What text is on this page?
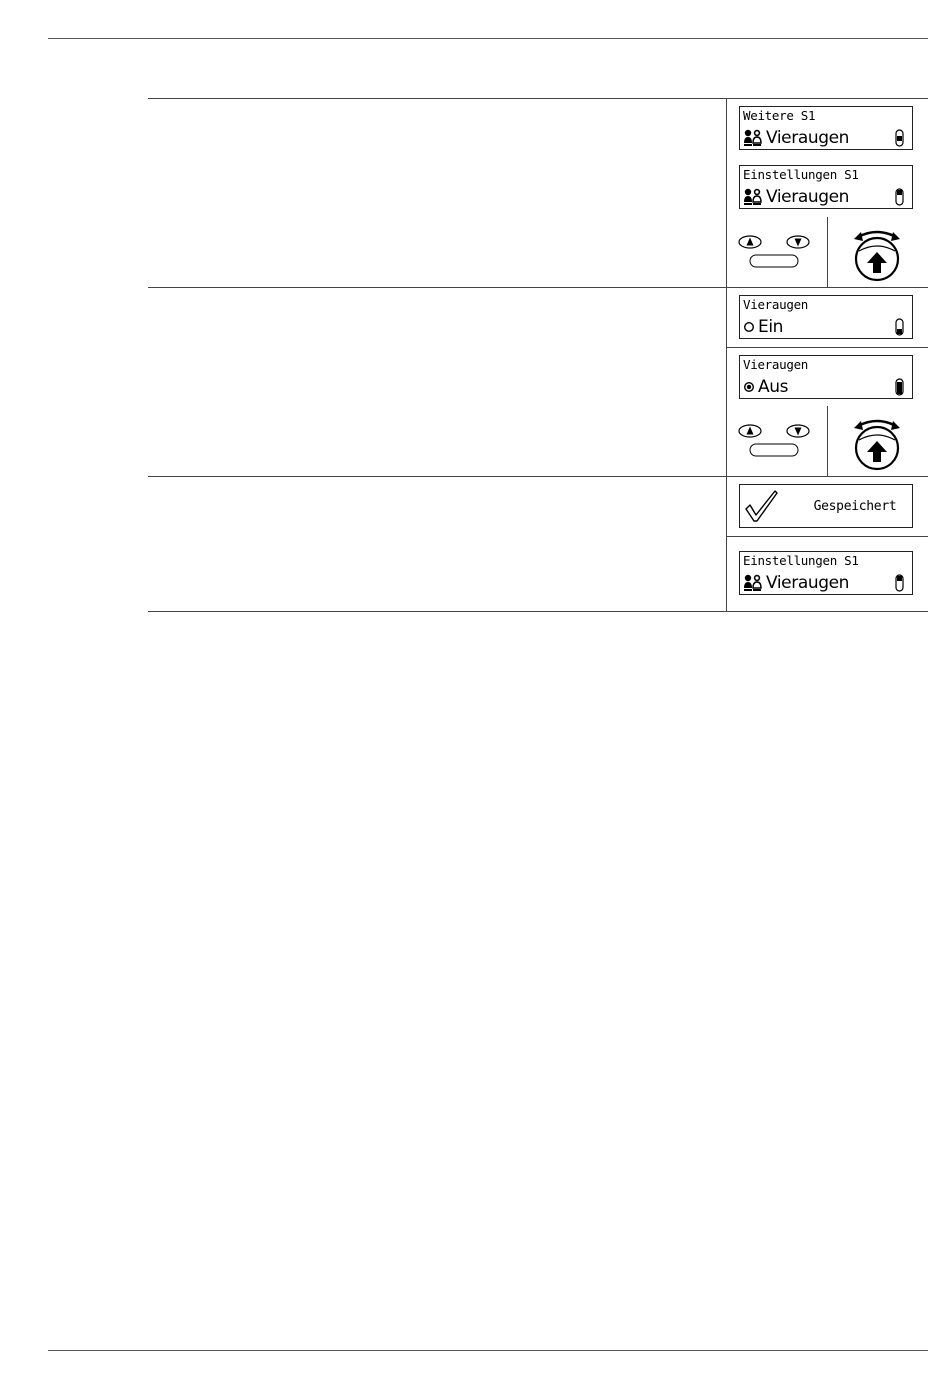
Weitere S1
Vieraugen
Einstellungen S1
Vieraugen
Vieraugen
Ein
Vieraugen
Aus
Gespeichert
Einstellungen S1
Vieraugen
